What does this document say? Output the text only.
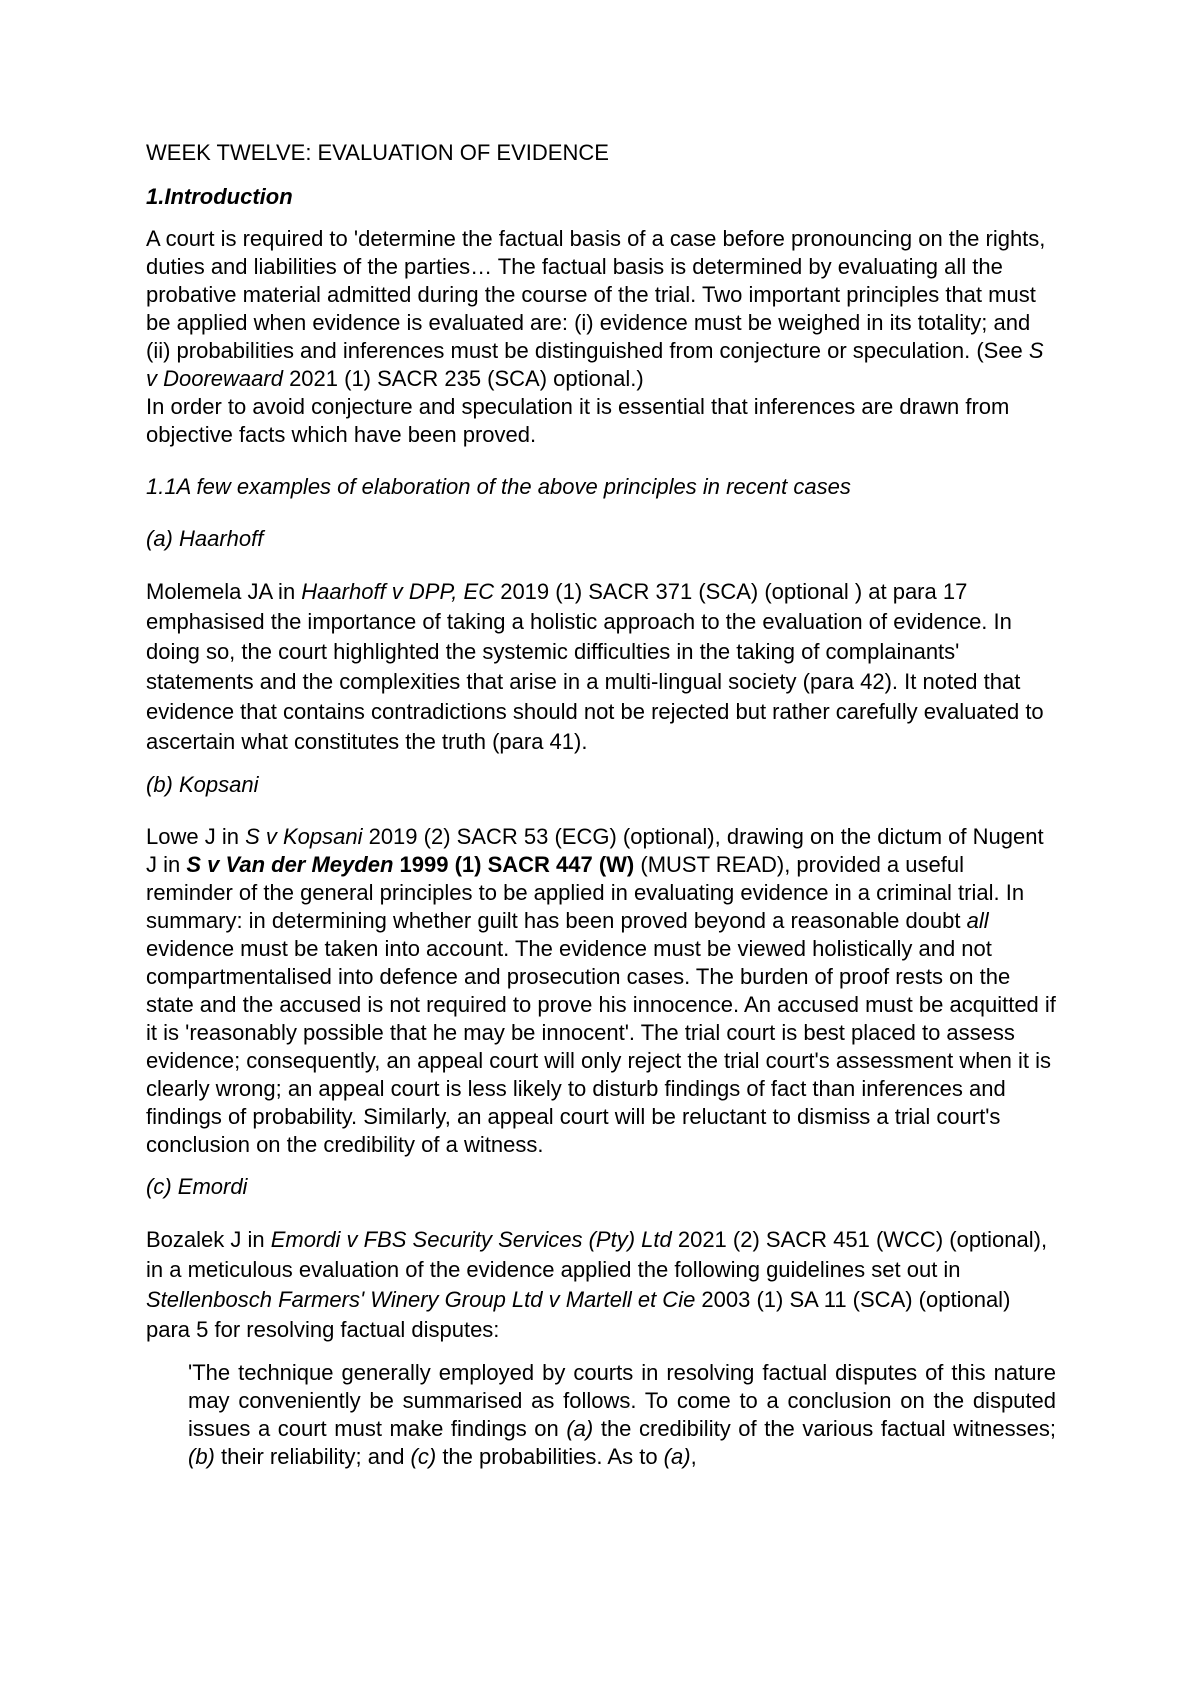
WEEK TWELVE: EVALUATION OF EVIDENCE

1.Introduction

A court is required to 'determine the factual basis of a case before pronouncing on the rights, duties and liabilities of the parties… The factual basis is determined by evaluating all the probative material admitted during the course of the trial. Two important principles that must be applied when evidence is evaluated are: (i) evidence must be weighed in its totality; and (ii) probabilities and inferences must be distinguished from conjecture or speculation. (See S v Doorewaard 2021 (1) SACR 235 (SCA) optional.)

In order to avoid conjecture and speculation it is essential that inferences are drawn from objective facts which have been proved.

1.1A few examples of elaboration of the above principles in recent cases

(a) Haarhoff

Molemela JA in Haarhoff v DPP, EC 2019 (1) SACR 371 (SCA) (optional ) at para 17 emphasised the importance of taking a holistic approach to the evaluation of evidence. In doing so, the court highlighted the systemic difficulties in the taking of complainants' statements and the complexities that arise in a multi-lingual society (para 42). It noted that evidence that contains contradictions should not be rejected but rather carefully evaluated to ascertain what constitutes the truth (para 41).

(b) Kopsani

Lowe J in S v Kopsani 2019 (2) SACR 53 (ECG) (optional), drawing on the dictum of Nugent J in S v Van der Meyden 1999 (1) SACR 447 (W) (MUST READ), provided a useful reminder of the general principles to be applied in evaluating evidence in a criminal trial. In summary: in determining whether guilt has been proved beyond a reasonable doubt all evidence must be taken into account. The evidence must be viewed holistically and not compartmentalised into defence and prosecution cases. The burden of proof rests on the state and the accused is not required to prove his innocence. An accused must be acquitted if it is 'reasonably possible that he may be innocent'. The trial court is best placed to assess evidence; consequently, an appeal court will only reject the trial court's assessment when it is clearly wrong; an appeal court is less likely to disturb findings of fact than inferences and findings of probability. Similarly, an appeal court will be reluctant to dismiss a trial court's conclusion on the credibility of a witness.

(c) Emordi

Bozalek J in Emordi v FBS Security Services (Pty) Ltd 2021 (2) SACR 451 (WCC) (optional), in a meticulous evaluation of the evidence applied the following guidelines set out in Stellenbosch Farmers' Winery Group Ltd v Martell et Cie 2003 (1) SA 11 (SCA) (optional) para 5 for resolving factual disputes:

'The technique generally employed by courts in resolving factual disputes of this nature may conveniently be summarised as follows. To come to a conclusion on the disputed issues a court must make findings on (a) the credibility of the various factual witnesses; (b) their reliability; and (c) the probabilities. As to (a),
